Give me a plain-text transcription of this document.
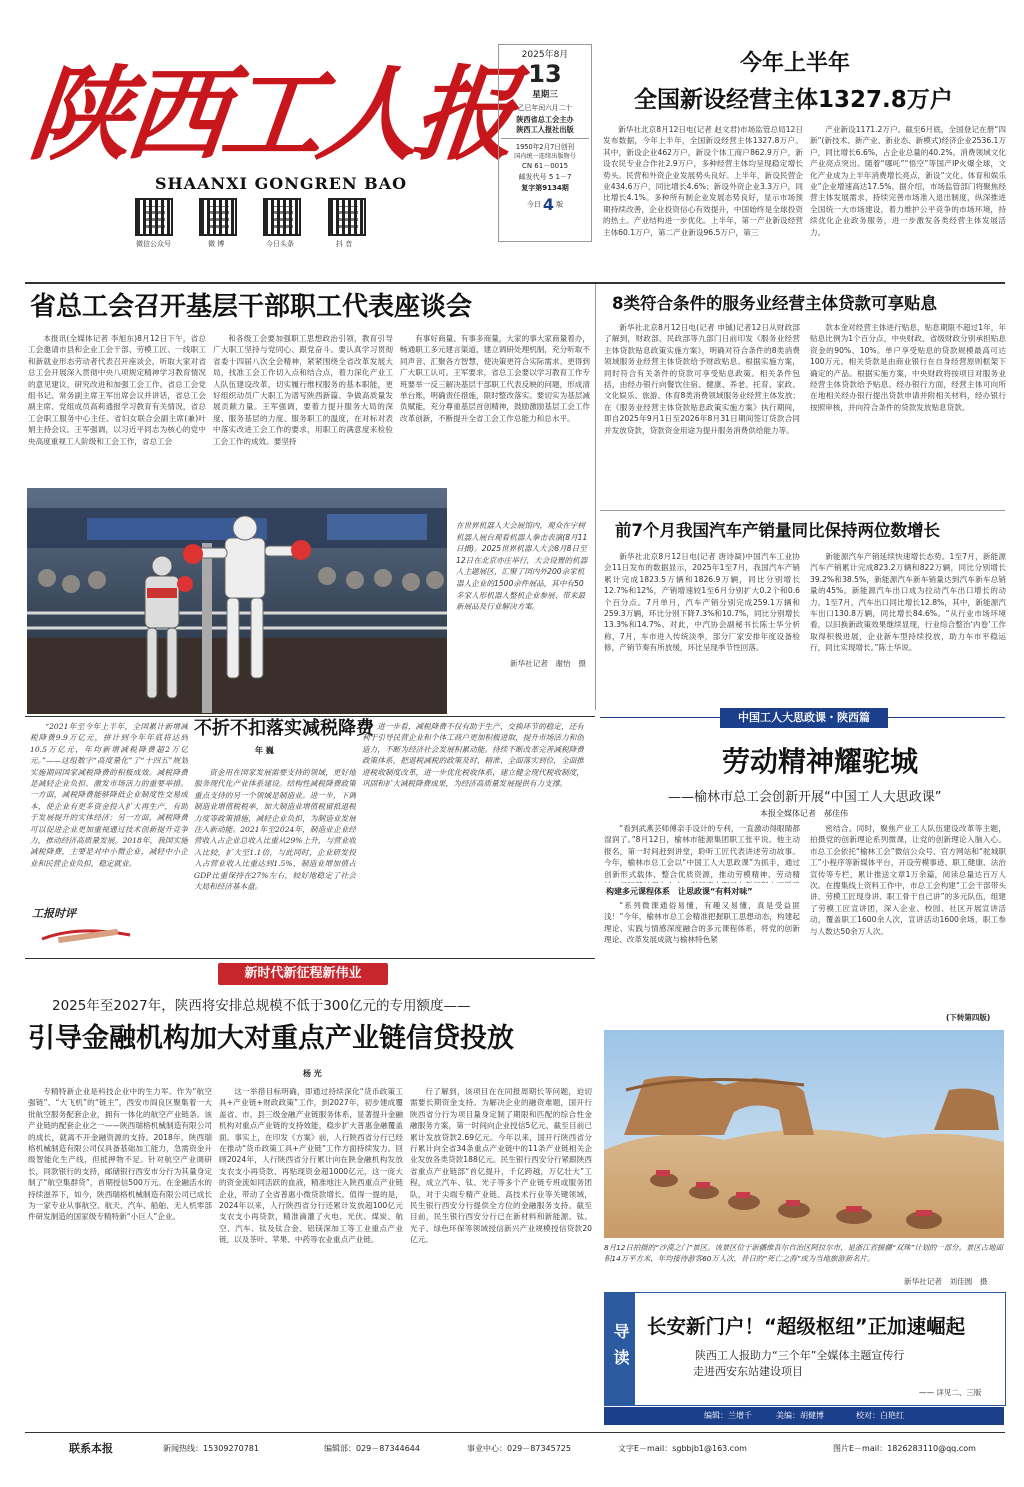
陕西工人报
SHAANXI GONGREN BAO
微信公众号	微 博	今日头条	抖 音
2025年8月
13
星期三
乙巳年闰六月二十
陕西省总工会主办
陕西工人报社出版
1950年2月7日创刊
国内统一连续出版物号
CN 61－0015
邮发代号 5 1－7
复字第9134期
今日 4 版
今年上半年
全国新设经营主体1327.8万户

新华社北京8月12日电(记者 赵文君)市场监管总局12日发布数据，今年上半年，全国新设经营主体1327.8万户。其中，新设企业462万户，新设个体工商户862.9万户，新设农民专业合作社2.9万户，多种经营主体均呈现稳定增长势头。民营和外资企业发展势头良好。上半年，新设民营企业434.6万户，同比增长4.6%；新设外资企业3.3万户，同比增长4.1%。多种所有制企业发展态势良好，显示市场预期持续改善，企业投资信心有效提升，中国始终是全球投资的热土。产业结构进一步优化。上半年，第一产业新设经营主体60.1万户，第二产业新设96.5万户，第三

产业新设1171.2万户。截至6月底，全国登记在册“四新”(新技术、新产业、新业态、新模式)经济企业2536.1万户，同比增长6.6%，占企业总量的40.2%。消费领域文化产业亮点突出。随着“哪吒”“悟空”等国产IP火爆全球，文化产业成为上半年消费增长亮点，新设“文化、体育和娱乐业”企业增速高达17.5%。据介绍，市场监管部门将聚焦经营主体发展需求，持续完善市场准入退出制度，纵深推进全国统一大市场建设，着力维护公平竞争的市场环境，持续优化企业政务服务，进一步激发各类经营主体发展活力。

省总工会召开基层干部职工代表座谈会

本报讯(全媒体记者 李旭东)8月12日下午，省总工会邀请市县和企业工会干部、劳模工匠、一线职工和新就业形态劳动者代表召开座谈会，听取大家对省总工会开展深入贯彻中央八项规定精神学习教育情况的意见建议，研究改进和加强工会工作。省总工会党组书记、常务副主席王军出席会议并讲话，省总工会副主席、党组成员高莉通报学习教育有关情况，省总工会职工服务中心主任、省妇女联合会副主席(兼)叶娟主持会议。王军强调，以习近平同志为核心的党中央高度重视工人阶级和工会工作，省总工会

和各级工会要加强职工思想政治引领，教育引导广大职工坚持与党同心、跟党奋斗。要认真学习贯彻省委十四届八次全会精神，紧紧围绕全省改革发展大局，找准工会工作切入点和结合点，着力深化产业工人队伍建设改革，切实履行维权服务的基本职能，更好组织动员广大职工为谱写陕西新篇、争做高质量发展贡献力量。王军强调，要着力提升服务大局的深度、服务基层的力度、服务职工的温度，在对标对表中落实改进工会工作的要求，用职工的满意度来检验工会工作的成效。要坚持

有事好商量、有事多商量，大家的事大家商量着办，畅通职工多元建言渠道，建立调研处理机制，充分听取不同声音、汇聚各方智慧，使决策更符合实际需求、更得到广大职工认可。王军要求，省总工会要以学习教育工作专班要举一反三解决基层干部职工代表反映的问题，形成清单台账，明确责任措施，限时整改落实。要切实为基层减负赋能，充分尊重基层首创精神，鼓励激励基层工会工作改革创新，不断提升全省工会工作总能力和总水平。

在世界机器人大会展馆内，观众在宇树机器人展台观看机器人拳击表演(8月11日摄)。2025世界机器人大会8月8日至12日在北京亦庄举行，大会设置的机器人主题展区，汇聚了国内外200余家机器人企业的1500余件展品，其中有50多家人形机器人整机企业参展、带来最新展品及行业解决方案。
新华社记者　谢怡　摄

“2021年至今年上半年，全国累计新增减税降费9.9万亿元，拼计到今年年底将达到10.5万亿元，年均新增减税降费超2万亿元。”——这组数字“高度量化”了“十四五”规划实施期间国家减税降费的积极成效。减税降费是减轻企业负担、激发市场活力的重要举措。一方面，减税降费能够降低企业制度性交易成本，使企业有更多资金投入扩大再生产，有助于发展提升的实体经济；另一方面，减税降费可以促进企业更加重视通过技术创新提升竞争力，推动经济高质量发展。2018年，我国实施减税降费，主要是对中小微企业，减轻中小企业和民营企业负担，稳定就业。

不折不扣落实减税降费
年 巍

资金用在国家发展需要支持的领域，更好地服务现代化产业体系建设。结构性减税降费政策重点支持的另一个领域是制造业。进一步，下调制造业增值税税率，加大制造业增值税留抵退税力度等政策措施，减轻企业负担，为制造业发展注入新动能。2021年至2024年，制造业企业经营收入占企业总收入比重从29%上升，与营业收入比较，扩大至1.1倍，与此同时，企业研发投入占营业收入比重达到1.5%，制造业增加值占GDP比重保持在27%左右，较好地稳定了社会大局和经济基本盘。

进一步看，减税降费不仅有助于生产、交换环节的稳定，还有利于引导民营企业和个体工商户更加积极进取，提升市场活力和创造力，不断为经济社会发展积累动能。持续不断改革完善减税降费政策体系，把退税减税的政策及时、精准、全面落实到位，全面推进税收制度改革，进一步优化税收体系，建立健全现代税收制度，巩固和扩大减税降费成果，为经济高质量发展提供有力支撑。

工报时评
新时代新征程新伟业
2025年至2027年，陕西将安排总规模不低于300亿元的专用额度——
引导金融机构加大对重点产业链信贷投放
杨 光

专精特新企业是科技企业中的生力军。作为“航空强链”、“大飞机”的“链主”，西安市阎良区聚集着一大批航空服务配套企业，拥有一体化的航空产业链条。该产业链的配套企业之一——陕西瑞格机械制造有限公司的成长，就离不开金融资源的支持。2018年，陕西瑞格机械制造有限公司仅具备基础加工能力，急需资金升级智能化生产线，但抵押物不足。针对航空产业调研长，同款银行的支持，邮储银行西安市分行为其量身定制了“航空集群贷”，首期授信500万元。在金融活水的持续滋养下，如今，陕西瑞格机械制造有限公司已成长为一家专业从事航空、航天、汽车、船舶、无人机零部件研发制造的国家级专精特新“小巨人”企业。

这一举措目标明确，即通过持续深化“货币政策工具+产业链+财政政策”工作，到2027年，初步建成覆盖省、市、县三级金融产业链服务体系，显著提升金融机构对重点产业链的支持效能，稳步扩大普惠金融覆盖面。事实上，在印发《方案》前，人行陕西省分行已经在推动“货币政策工具+产业链”工作方面持续发力。回顾2024年，人行陕西省分行累计向在陕金融机构发放支农支小再贷款、再贴现资金超1000亿元，这一庞大的资金流如同活跃的血液，精准地注入陕西重点产业链企业，带动了全省普惠小微贷款增长。值得一提的是，2024年以来，人行陕西省分行还累计发放超100亿元支农支小再贷款，精准滴灌了火电、光伏、煤炭、航空、汽车、钛及钛合金、铝镁深加工等工业重点产业链，以及茶叶、苹果、中药等农业重点产业链。

行了解到，该项目在在同报周期长等问题，迫切需要长期资金支持。为解决企业的融资难题，国开行陕西省分行为项目量身定制了期限和匹配的综合性金融服务方案，第一时间向企业授信5亿元，截至目前已累计发放贷款2.69亿元。今年以来，国开行陕西省分行累计向全省34条重点产业链中的11条产业链相关企业发放各类贷款188亿元。民生银行西安分行紧跟陕西省重点产业链部“首亿提升，千亿跨越，万亿壮大”工程，成立汽车、钛、光子等多个产业链专班或服务团队，对于尖端专精产业链、高技术行业等关键领域，民生银行西安分行提供全方位的金融服务支持。截至目前，民生银行西安分行已在新材料和新能源、钛、光子、绿色环保等领域授信新兴产业规模授信贷款20亿元。

8类符合条件的服务业经营主体贷款可享贴息

新华社北京8月12日电(记者 申铖)记者12日从财政部了解到，财政部、民政部等九部门日前印发《服务业经营主体贷款贴息政策实施方案》，明确对符合条件的8类消费领域服务业经营主体贷款给予财政贴息。根据实施方案，同时符合有关条件的贷款可享受贴息政策。相关条件包括，由经办银行向餐饮住宿、健康、养老、托育、家政、文化娱乐、旅游、体育8类消费领域服务业经营主体发放；在《服务业经营主体贷款贴息政策实施方案》执行期间，即自2025年9月1日至2026年8月31日期间签订贷款合同并发放贷款，贷款资金用途为提升服务消费供给能力等。

款本金对经营主体进行贴息，贴息期限不超过1年，年贴息比例为1个百分点，中央财政、省级财政分别承担贴息资金的90%、10%。单户享受贴息的贷款规模最高可达100万元。相关贷款是由商业银行在自身经营原则框架下确定的产品。根据实施方案，中央财政将按项目对服务业经营主体贷款给予贴息。经办银行方面，经营主体可向所在地相关经办银行提出贷款申请并附相关材料，经办银行按照审核，并向符合条件的贷款发放贴息贷款。

前7个月我国汽车产销量同比保持两位数增长

新华社北京8月12日电(记者 唐诗凝)中国汽车工业协会11日发布的数据显示，2025年1至7月，我国汽车产销累计完成1823.5万辆和1826.9万辆，同比分别增长12.7%和12%，产销增速较1至6月分别扩大0.2个和0.6个百分点。7月单月，汽车产销分别完成259.1万辆和259.3万辆，环比分别下降7.3%和10.7%，同比分别增长13.3%和14.7%。对此，中汽协会副秘书长陈士华分析称，7月，车市进入传统淡季，部分厂家安排年度设备检修，产销节奏有所放缓，环比呈现季节性回落。

新能源汽车产销延续快速增长态势。1至7月，新能源汽车产销累计完成823.2万辆和822万辆，同比分别增长39.2%和38.5%，新能源汽车新车销量达到汽车新车总销量的45%。新能源汽车出口成为拉动汽车出口增长的动力。1至7月，汽车出口同比增长12.8%，其中，新能源汽车出口130.8万辆，同比增长84.6%。“从行业市场环境看，以旧换新政策效果继续显现，行业综合整治‘内卷’工作取得积极进展，企业新车型持续投放，助力车市平稳运行，同比实现增长。”陈士华说。

中国工人大思政课・陕西篇
劳动精神耀驼城
——榆林市总工会创新开展“中国工人大思政课”
本报全媒体记者　郝佳伟

“看到武燕芸师傅亲手设计的专利，一直激动得眼睛都湿润了。”8月12日，榆林市能源集团职工张平说。他主动报名，第一时间赶到讲堂，聆听工匠代表讲述劳动故事。今年，榆林市总工会以“中国工人大思政课”为抓手，通过创新形式载体、整合优质资源，推动劳模精神、劳动精

构建多元课程体系　让思政课“有料对味”

“系列微课通俗易懂，有趣又易懂，真是受益匪浅！”今年，榆林市总工会精准把握职工思想动态，构建起理论、实践与情感深度融合的多元课程体系，将党的创新理论、改革发展成就与榆林特色紧

密结合。同时，聚焦产业工人队伍建设改革等主题，拍摄党的创新理论系列微课，让党的创新理论入脑入心。市总工会依托“榆林工会”微信公众号、官方网站和“驼城职工”小程序等新媒体平台，开设劳模事迹、职工健康、法治宣传等专栏，累计推送文章1万余篇，阅读总量达百万人次。在搜集线上资料工作中，市总工会构建“工会干部带头讲、劳模工匠现身讲、职工骨干自己讲”的多元队伍，组建了劳模工匠宣讲团，深入企业、校园、社区开展宣讲活动，覆盖职工1600余人次，宣讲活动1600余场，职工参与人数达50余万人次。

(下转第四版)
8月12日拍摄的“沙漠之门”景区。该景区位于新疆维吾尔自治区阿拉尔市，是浙江省援疆“双珠”计划的一部分。景区占地面积14万平方米，年均接待游客60万人次，昔日的“死亡之海”成为当地旅游新名片。
新华社记者　刘佳圆　摄
导读 长安新门户！“超级枢纽”正加速崛起
陕西工人报助力“三个年”全媒体主题宣传行
走进西安东站建设项目
—— 详见二、三版
编辑：兰增千	美编：胡健博	校对：白艳红
联系本报	新闻热线：15309270781	编辑部：029－87344644	事业中心：029－87345725	文字E－mail：sgbbjb1@163.com	图片E－mail：1826283110@qq.com
